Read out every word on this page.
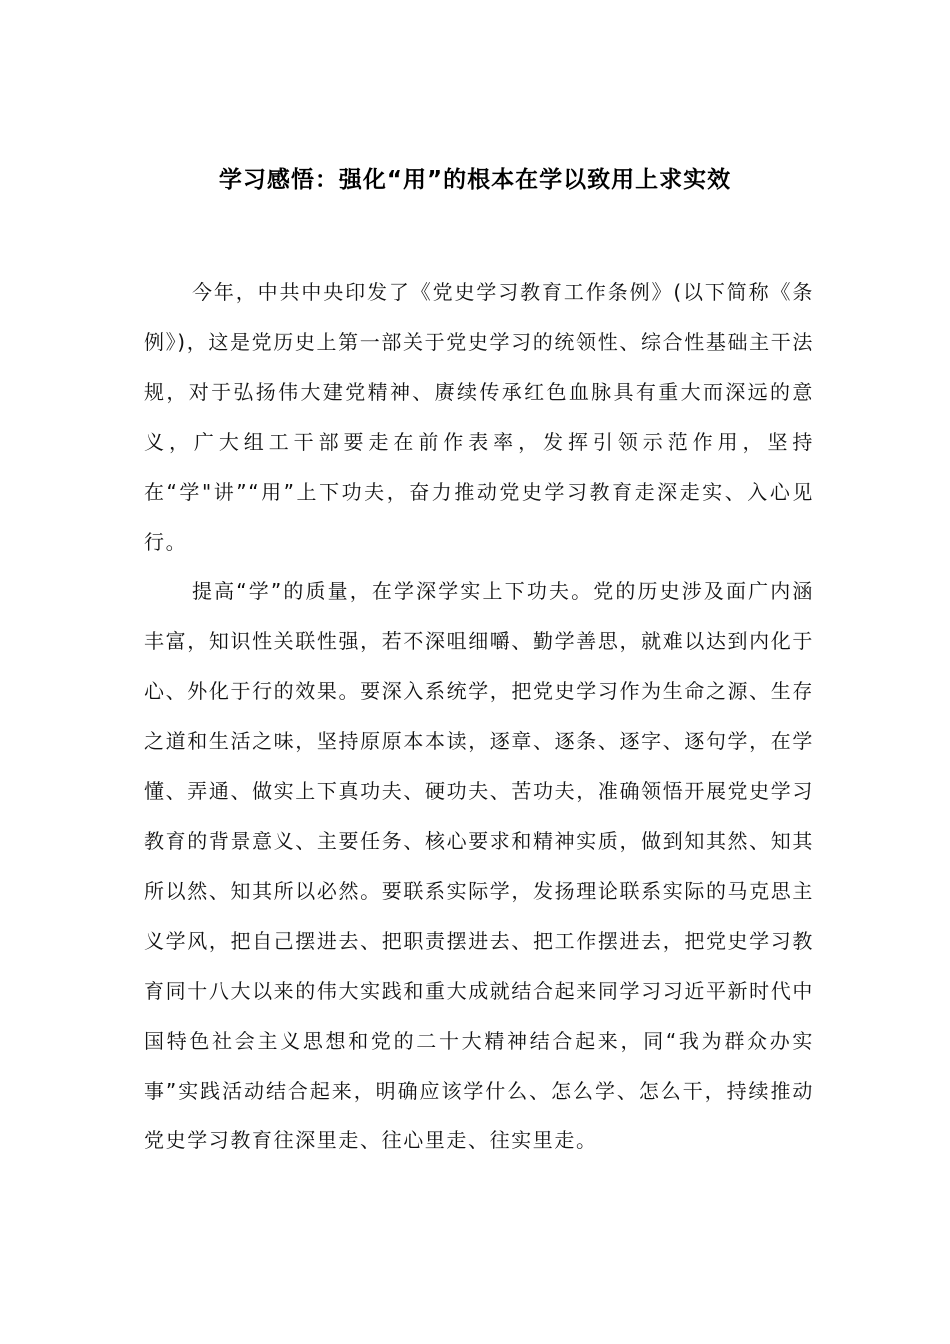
学习感悟：强化“用”的根本在学以致用上求实效

今年，中共中央印发了《党史学习教育工作条例》(以下简称《条例》)，这是党历史上第一部关于党史学习的统领性、综合性基础主干法规，对于弘扬伟大建党精神、赓续传承红色血脉具有重大而深远的意义，广大组工干部要走在前作表率，发挥引领示范作用，坚持在“学"讲”“用”上下功夫，奋力推动党史学习教育走深走实、入心见行。

提高“学”的质量，在学深学实上下功夫。党的历史涉及面广内涵丰富，知识性关联性强，若不深咀细嚼、勤学善思，就难以达到内化于心、外化于行的效果。要深入系统学，把党史学习作为生命之源、生存之道和生活之味，坚持原原本本读，逐章、逐条、逐字、逐句学，在学懂、弄通、做实上下真功夫、硬功夫、苦功夫，准确领悟开展党史学习教育的背景意义、主要任务、核心要求和精神实质，做到知其然、知其所以然、知其所以必然。要联系实际学，发扬理论联系实际的马克思主义学风，把自己摆进去、把职责摆进去、把工作摆进去，把党史学习教育同十八大以来的伟大实践和重大成就结合起来同学习习近平新时代中国特色社会主义思想和党的二十大精神结合起来，同“我为群众办实事”实践活动结合起来，明确应该学什么、怎么学、怎么干，持续推动党史学习教育往深里走、往心里走、往实里走。
